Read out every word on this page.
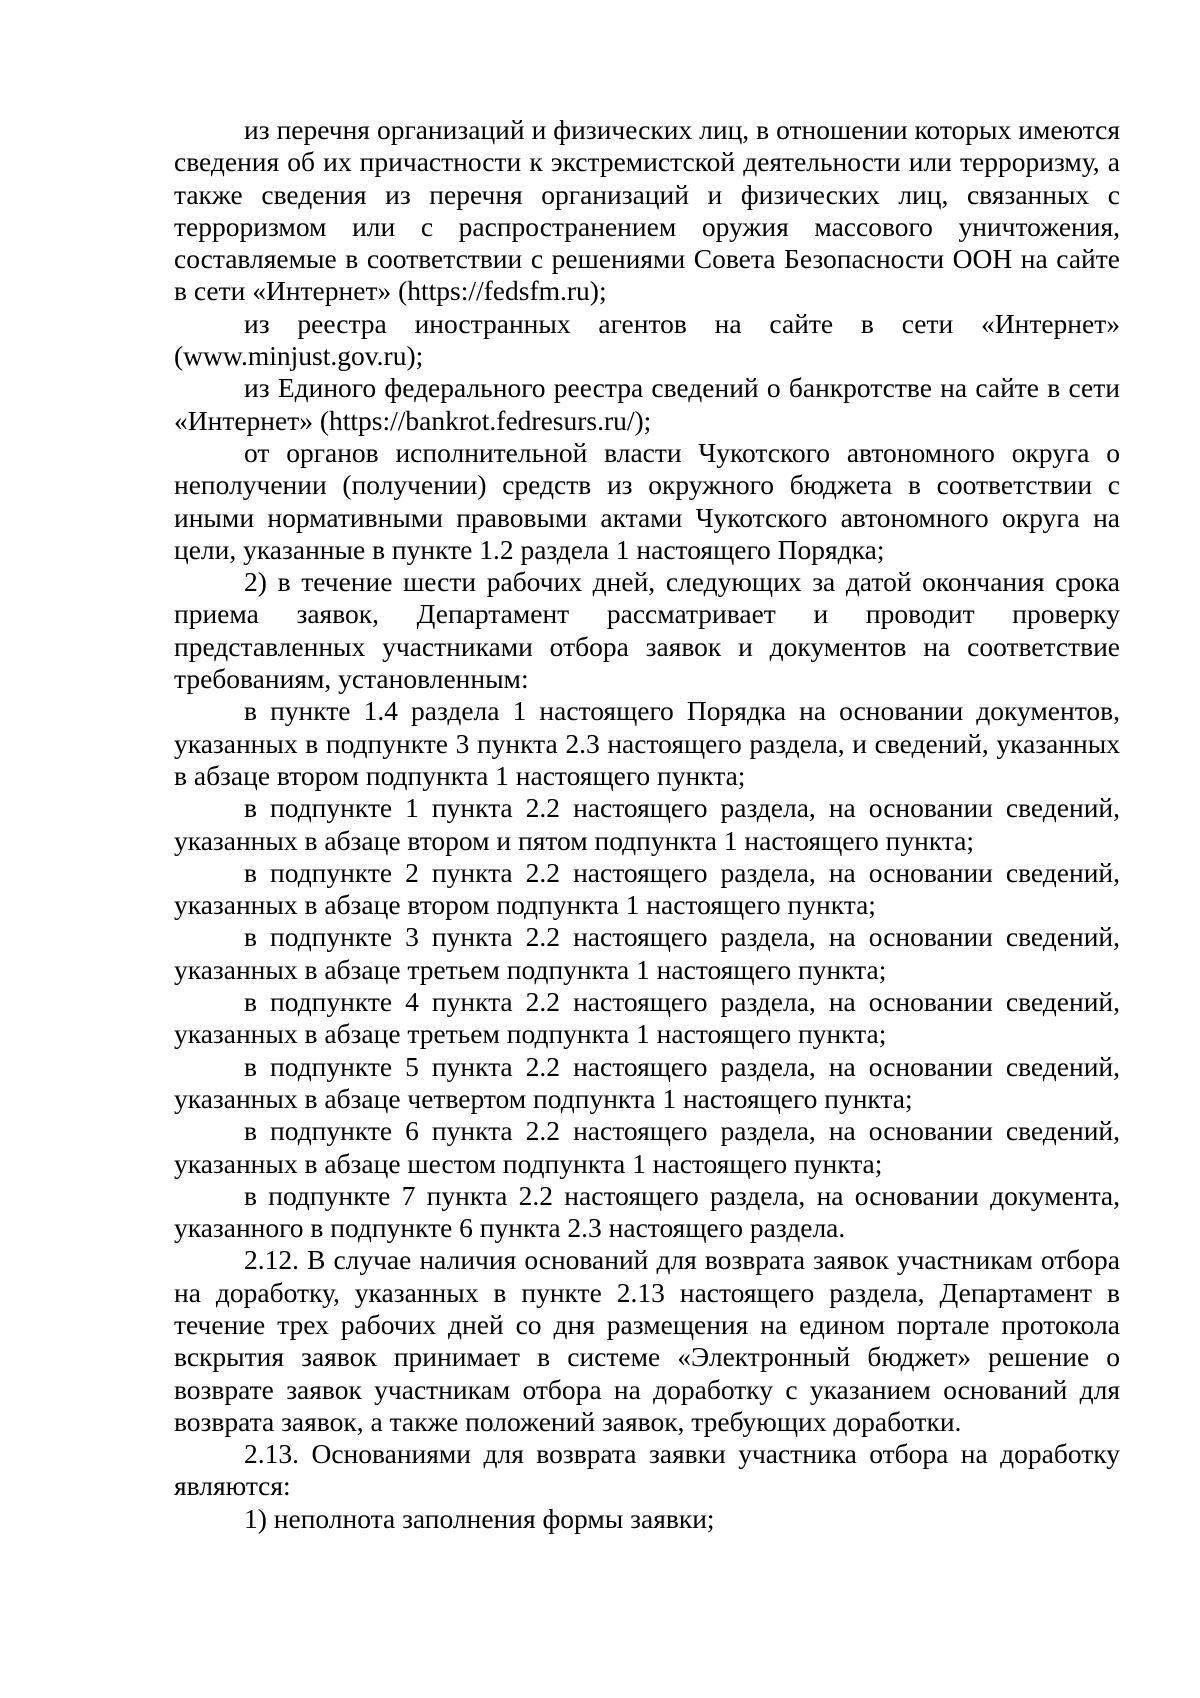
из перечня организаций и физических лиц, в отношении которых имеются сведения об их причастности к экстремистской деятельности или терроризму, а также сведения из перечня организаций и физических лиц, связанных с терроризмом или с распространением оружия массового уничтожения, составляемые в соответствии с решениями Совета Безопасности ООН на сайте в сети «Интернет» (https://fedsfm.ru);

из реестра иностранных агентов на сайте в сети «Интернет» (www.minjust.gov.ru);

из Единого федерального реестра сведений о банкротстве на сайте в сети «Интернет» (https://bankrot.fedresurs.ru/);

от органов исполнительной власти Чукотского автономного округа о неполучении (получении) средств из окружного бюджета в соответствии с иными нормативными правовыми актами Чукотского автономного округа на цели, указанные в пункте 1.2 раздела 1 настоящего Порядка;

2) в течение шести рабочих дней, следующих за датой окончания срока приема заявок, Департамент рассматривает и проводит проверку представленных участниками отбора заявок и документов на соответствие требованиям, установленным:

в пункте 1.4 раздела 1 настоящего Порядка на основании документов, указанных в подпункте 3 пункта 2.3 настоящего раздела, и сведений, указанных в абзаце втором подпункта 1 настоящего пункта;

в подпункте 1 пункта 2.2 настоящего раздела, на основании сведений, указанных в абзаце втором и пятом подпункта 1 настоящего пункта;

в подпункте 2 пункта 2.2 настоящего раздела, на основании сведений, указанных в абзаце втором подпункта 1 настоящего пункта;

в подпункте 3 пункта 2.2 настоящего раздела, на основании сведений, указанных в абзаце третьем подпункта 1 настоящего пункта;

в подпункте 4 пункта 2.2 настоящего раздела, на основании сведений, указанных в абзаце третьем подпункта 1 настоящего пункта;

в подпункте 5 пункта 2.2 настоящего раздела, на основании сведений, указанных в абзаце четвертом подпункта 1 настоящего пункта;

в подпункте 6 пункта 2.2 настоящего раздела, на основании сведений, указанных в абзаце шестом подпункта 1 настоящего пункта;

в подпункте 7 пункта 2.2 настоящего раздела, на основании документа, указанного в подпункте 6 пункта 2.3 настоящего раздела.

2.12. В случае наличия оснований для возврата заявок участникам отбора на доработку, указанных в пункте 2.13 настоящего раздела, Департамент в течение трех рабочих дней со дня размещения на едином портале протокола вскрытия заявок принимает в системе «Электронный бюджет» решение о возврате заявок участникам отбора на доработку с указанием оснований для возврата заявок, а также положений заявок, требующих доработки.

2.13. Основаниями для возврата заявки участника отбора на доработку являются:

1) неполнота заполнения формы заявки;
